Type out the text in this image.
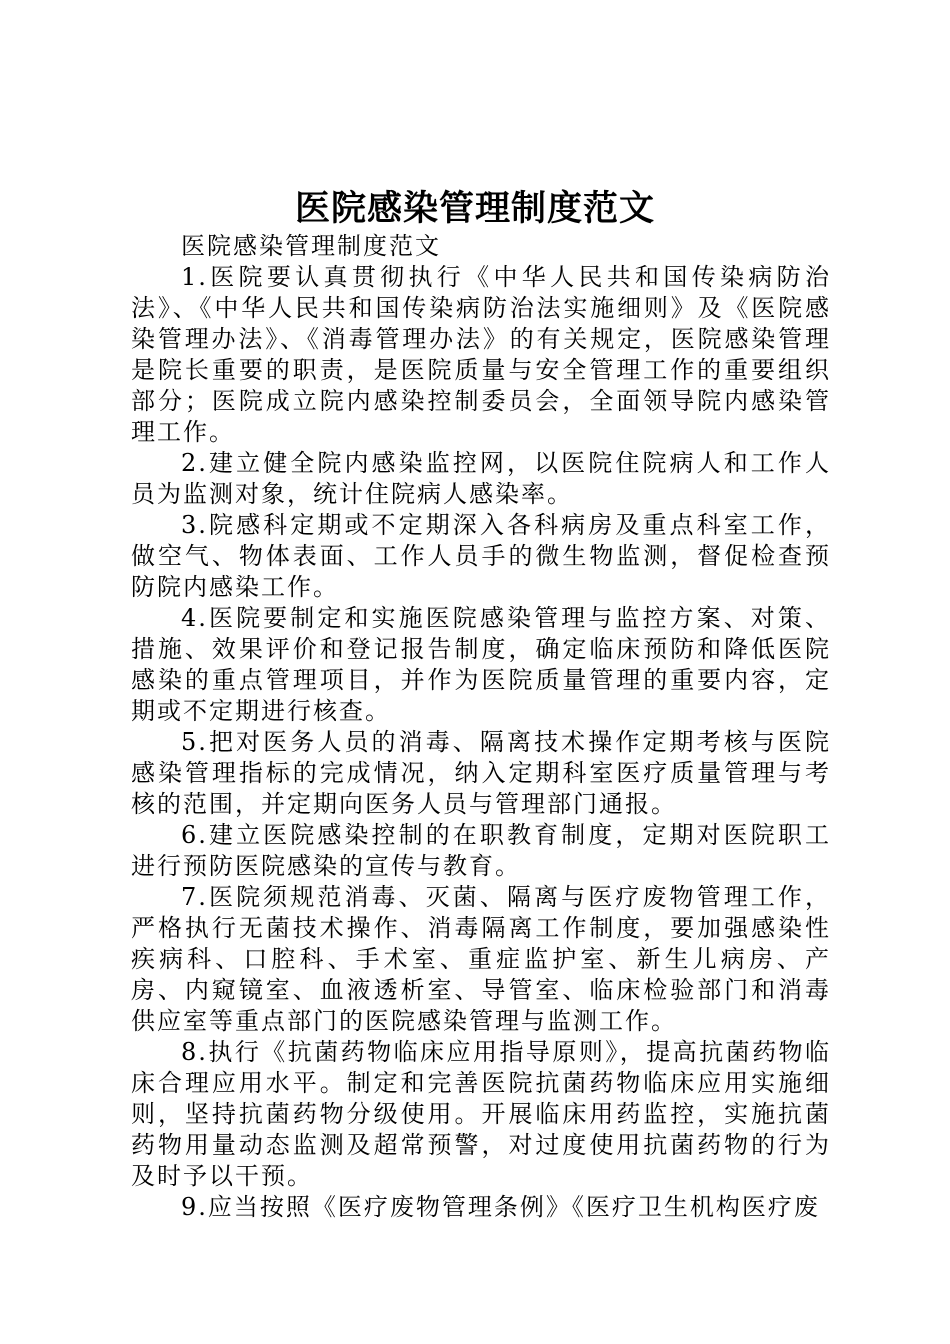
医院感染管理制度范文

医院感染管理制度范文

1.医院要认真贯彻执行《中华人民共和国传染病防治法》、《中华人民共和国传染病防治法实施细则》及《医院感染管理办法》、《消毒管理办法》的有关规定，医院感染管理是院长重要的职责，是医院质量与安全管理工作的重要组织部分；医院成立院内感染控制委员会，全面领导院内感染管理工作。

2.建立健全院内感染监控网，以医院住院病人和工作人员为监测对象，统计住院病人感染率。

3.院感科定期或不定期深入各科病房及重点科室工作，做空气、物体表面、工作人员手的微生物监测，督促检查预防院内感染工作。

4.医院要制定和实施医院感染管理与监控方案、对策、措施、效果评价和登记报告制度，确定临床预防和降低医院感染的重点管理项目，并作为医院质量管理的重要内容，定期或不定期进行核查。

5.把对医务人员的消毒、隔离技术操作定期考核与医院感染管理指标的完成情况，纳入定期科室医疗质量管理与考核的范围，并定期向医务人员与管理部门通报。

6.建立医院感染控制的在职教育制度，定期对医院职工进行预防医院感染的宣传与教育。

7.医院须规范消毒、灭菌、隔离与医疗废物管理工作，严格执行无菌技术操作、消毒隔离工作制度，要加强感染性疾病科、口腔科、手术室、重症监护室、新生儿病房、产房、内窥镜室、血液透析室、导管室、临床检验部门和消毒供应室等重点部门的医院感染管理与监测工作。

8.执行《抗菌药物临床应用指导原则》，提高抗菌药物临床合理应用水平。制定和完善医院抗菌药物临床应用实施细则，坚持抗菌药物分级使用。开展临床用药监控，实施抗菌药物用量动态监测及超常预警，对过度使用抗菌药物的行为及时予以干预。

9.应当按照《医疗废物管理条例》《医疗卫生机构医疗废
